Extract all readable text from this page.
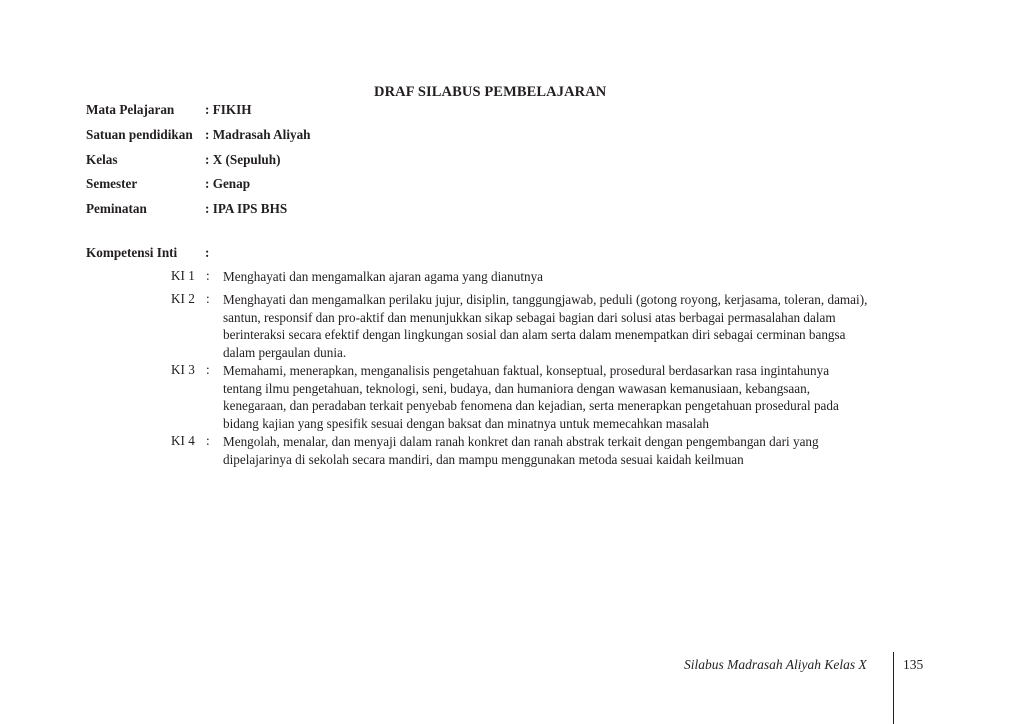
DRAF SILABUS PEMBELAJARAN
Mata Pelajaran : FIKIH
Satuan pendidikan : Madrasah Aliyah
Kelas	: X (Sepuluh)
Semester	: Genap
Peminatan	: IPA IPS BHS
Kompetensi Inti :
KI 1 : Menghayati dan mengamalkan ajaran agama yang dianutnya
KI 2 : Menghayati dan mengamalkan perilaku jujur, disiplin, tanggungjawab, peduli (gotong royong, kerjasama, toleran, damai),
santun, responsif dan pro-aktif dan menunjukkan sikap sebagai bagian dari solusi atas berbagai permasalahan dalam
berinteraksi secara efektif dengan lingkungan sosial dan alam serta dalam menempatkan diri sebagai cerminan bangsa
dalam pergaulan dunia.
KI 3 : Memahami, menerapkan, menganalisis pengetahuan faktual, konseptual, prosedural berdasarkan rasa ingintahunya
tentang ilmu pengetahuan, teknologi, seni, budaya, dan humaniora dengan wawasan kemanusiaan, kebangsaan,
kenegaraan, dan peradaban terkait penyebab fenomena dan kejadian, serta menerapkan pengetahuan prosedural pada
bidang kajian yang spesifik sesuai dengan baksat dan minatnya untuk memecahkan masalah
KI 4 : Mengolah, menalar, dan menyaji dalam ranah konkret dan ranah abstrak terkait dengan pengembangan dari yang
dipelajarinya di sekolah secara mandiri, dan mampu menggunakan metoda sesuai kaidah keilmuan
Silabus Madrasah Aliyah Kelas X	135
